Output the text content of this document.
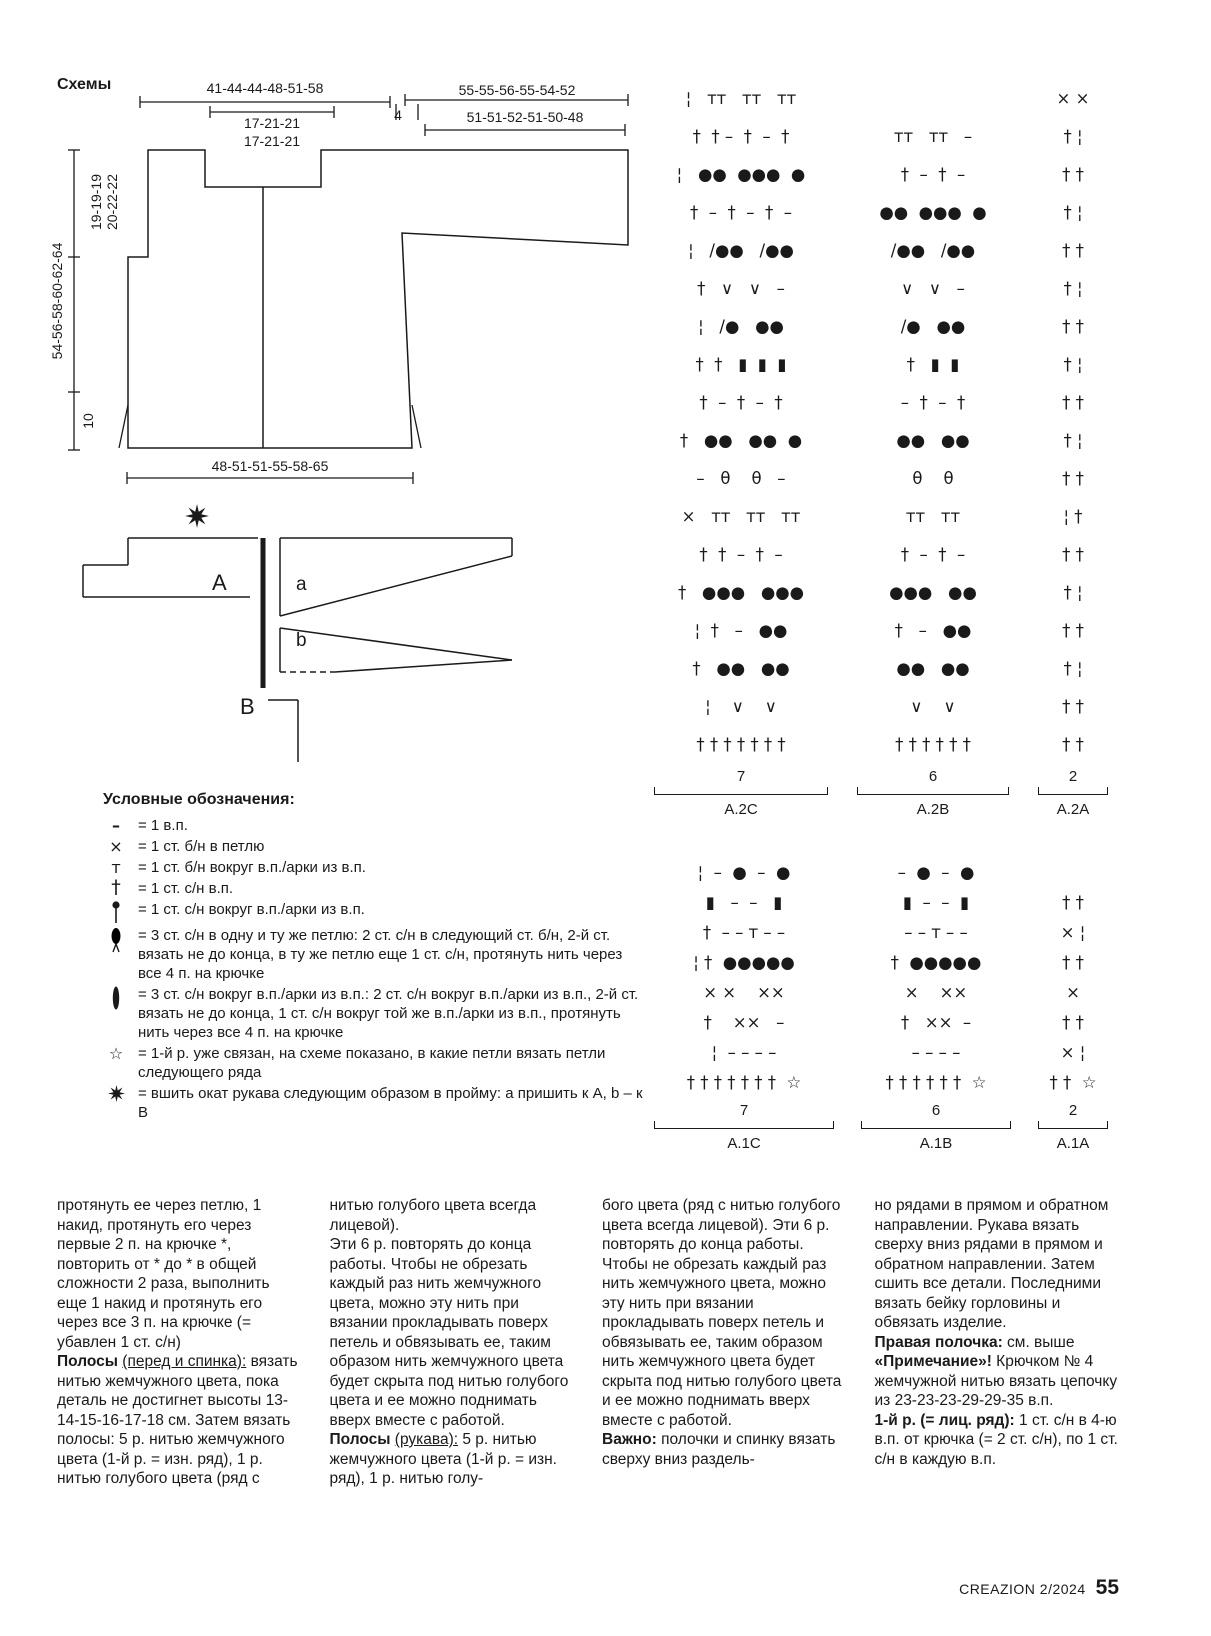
Схемы	41-44-44-48-51-58	55-55-56-55-54-52
51-51-52-51-50-48
4
17-21-21
17-21-21
54-56-58-60-62-64
19-19-19
20-22-22
10
48-51-51-55-58-65
A	a
b
B
Условные обозначения:
–	= 1 в.п.
×	= 1 ст. б/н в петлю
т	= 1 ст. б/н вокруг в.п./арки из в.п.
†	= 1 ст. с/н в.п.
= 1 ст. с/н вокруг в.п./арки из в.п.
= 3 ст. с/н в одну и ту же петлю: 2 ст. с/н в следующий ст. б/н, 2-й ст. вязать не до конца, в ту же петлю еще 1 ст. с/н, протянуть нить через все 4 п. на крючке
= 3 ст. с/н вокруг в.п./арки из в.п.: 2 ст. с/н вокруг в.п./арки из в.п., 2-й ст. вязать не до конца, 1 ст. с/н вокруг той же в.п./арки из в.п., протянуть нить через все 4 п. на крючке
☆ = 1-й р. уже связан, на схеме показано, в какие петли вязать петли следующего ряда
= вшить окат рукава следующим образом в пройму: a пришить к A, b – к B
¦   тт   тт   тт
†  † –  †  –  †
¦   ●●  ●●●  ●
†  –  †  –  †  –
¦   /●●   /●●
†   ∨   ∨   –
¦   /●   ●●
†  †   ▮  ▮  ▮
†  –  †  –  †
†   ●●   ●●  ●
–   θ    θ   –
×   тт   тт   тт
†  †  –  †  –
†   ●●●   ●●●
¦  †   –   ●●
†   ●●   ●●
¦    ∨    ∨
† † † † † † †
7
A.2C
тт   тт   –
†  –  †  –
●●  ●●●  ●
/●●   /●●
∨   ∨   –
/●   ●●
†   ▮  ▮
–  †  –  †
●●   ●●
θ    θ
тт   тт
†  –  †  –
●●●   ●●
†   –   ●●
●●   ●●
∨    ∨
† † † † † †
6
A.2B
× ×
† ¦
† †
† ¦
† †
† ¦
† †
† ¦
† †
† ¦
† †
¦ †
† †
† ¦
† †
† ¦
† †
† †
2
A.2A
¦  –  ●  –  ●
▮   –  –   ▮
†  – – т – –
¦ †  ●●●●●
× ×    ××
†    ××   –
¦  – – – –
† † † † † † †  ☆
7
A.1C
–  ●  –  ●
▮  –  –  ▮
– – т – –
†  ●●●●●
×    ××
†   ××  –
– – – –
† † † † † †  ☆
6
A.1B
† †
× ¦
† †
×
† †
× ¦
† †  ☆
2
A.1A

протянуть ее через петлю, 1 накид, протянуть его через первые 2 п. на крючке *, повторить от * до * в общей сложности 2 раза, выполнить еще 1 накид и протянуть его через все 3 п. на крючке (= убавлен 1 ст. с/н)

Полосы (перед и спинка): вязать нитью жемчужного цвета, пока деталь не достигнет высоты 13-14-15-16-17-18 см. Затем вязать полосы: 5 р. нитью жемчужного цвета (1-й р. = изн. ряд), 1 р. нитью голубого цвета (ряд с

нитью голубого цвета всегда лицевой).

Эти 6 р. повторять до конца работы. Чтобы не обрезать каждый раз нить жемчужного цвета, можно эту нить при вязании прокладывать поверх петель и обвязывать ее, таким образом нить жемчужного цвета будет скрыта под нитью голубого цвета и ее можно поднимать вверх вместе с работой.

Полосы (рукава): 5 р. нитью жемчужного цвета (1-й р. = изн. ряд), 1 р. нитью голу-

бого цвета (ряд с нитью голубого цвета всегда лицевой). Эти 6 р. повторять до конца работы.

Чтобы не обрезать каждый раз нить жемчужного цвета, можно эту нить при вязании прокладывать поверх петель и обвязывать ее, таким образом нить жемчужного цвета будет скрыта под нитью голубого цвета и ее можно поднимать вверх вместе с работой.

Важно: полочки и спинку вязать сверху вниз раздель-

но рядами в прямом и обратном направлении. Рукава вязать сверху вниз рядами в прямом и обратном направлении. Затем сшить все детали. Последними вязать бейку горловины и обвязать изделие.

Правая полочка: см. выше «Примечание»! Крючком № 4 жемчужной нитью вязать цепочку из 23-23-23-29-29-35 в.п.

1-й р. (= лиц. ряд): 1 ст. с/н в 4-ю в.п. от крючка (= 2 ст. с/н), по 1 ст. с/н в каждую в.п.

CREAZION 2/2024 55
